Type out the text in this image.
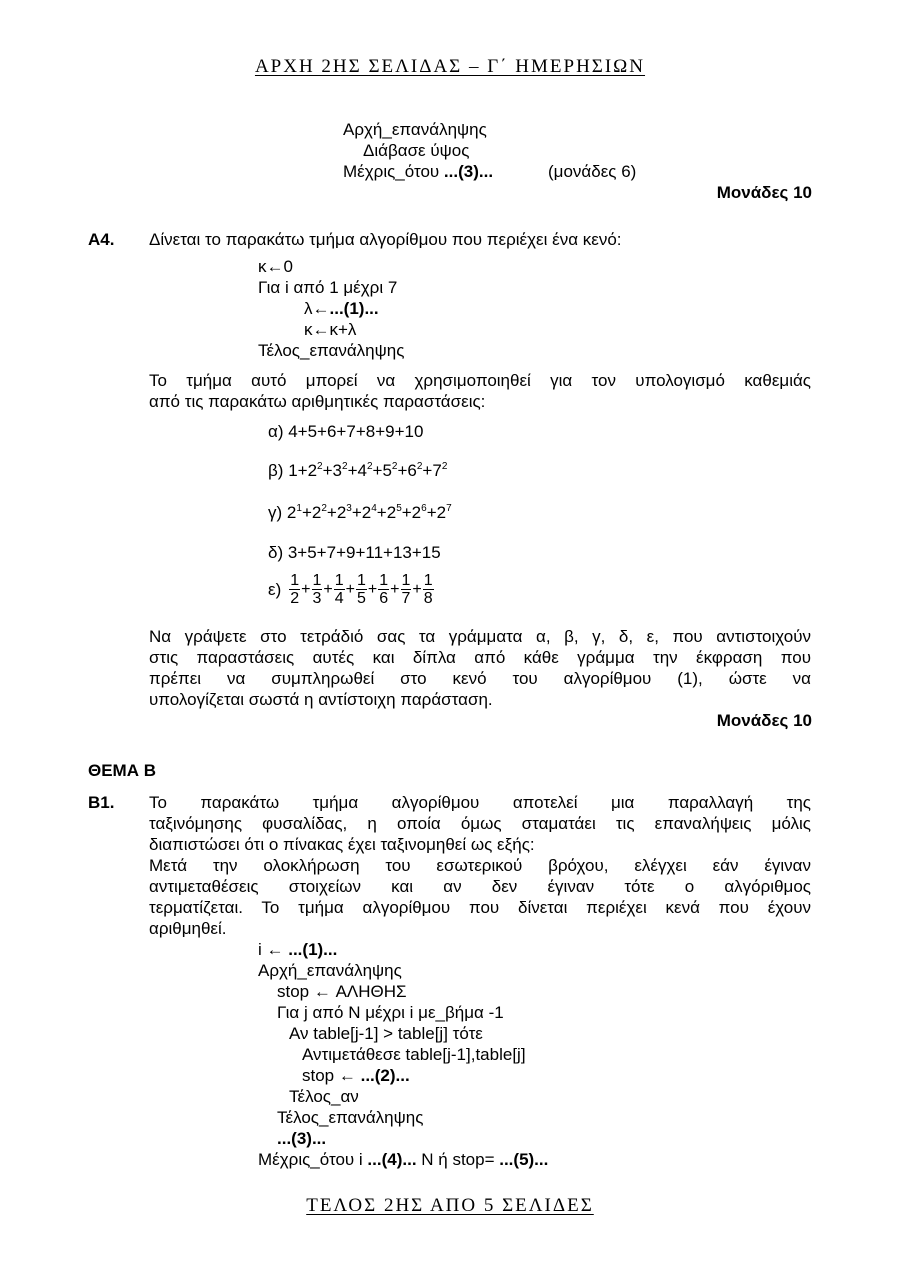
ΑΡΧΗ 2ΗΣ ΣΕΛΙΔΑΣ – Γ΄ ΗΜΕΡΗΣΙΩΝ
Αρχή_επανάληψης
Διάβασε ύψος
Μέχρις_ότου ...(3)...	(μονάδες 6)
Μονάδες 10
Α4. Δίνεται το παρακάτω τμήμα αλγορίθμου που περιέχει ένα κενό:
κ←0
Για i από 1 μέχρι 7
λ←...(1)...
κ←κ+λ
Τέλος_επανάληψης
Το τμήμα αυτό μπορεί να χρησιμοποιηθεί για τον υπολογισμό καθεμιάς
από τις παρακάτω αριθμητικές παραστάσεις:
α) 4+5+6+7+8+9+10
β) $1+2^2+3^2+4^2+5^2+6^2+7^2$
γ) $2^1+2^2+2^3+2^4+2^5+2^6+2^7$
δ) 3+5+7+9+11+13+15
$\varepsilon) \frac{1}{2} + \frac{1}{3} + \frac{1}{4} + \frac{1}{5} + \frac{1}{6} + \frac{1}{7} + \frac{1}{8}$
Να γράψετε στο τετράδιό σας τα γράμματα α, β, γ, δ, ε, που αντιστοιχούν
στις παραστάσεις αυτές και δίπλα από κάθε γράμμα την έκφραση που
πρέπει να συμπληρωθεί στο κενό του αλγορίθμου (1), ώστε να
υπολογίζεται σωστά η αντίστοιχη παράσταση.
Μονάδες 10
ΘΕΜΑ Β
Β1. Το παρακάτω τμήμα αλγορίθμου αποτελεί μια παραλλαγή της
ταξινόμησης φυσαλίδας, η οποία όμως σταματάει τις επαναλήψεις μόλις
διαπιστώσει ότι ο πίνακας έχει ταξινομηθεί ως εξής:
Μετά την ολοκλήρωση του εσωτερικού βρόχου, ελέγχει εάν έγιναν
αντιμεταθέσεις στοιχείων και αν δεν έγιναν τότε ο αλγόριθμος
τερματίζεται. Το τμήμα αλγορίθμου που δίνεται περιέχει κενά που έχουν
αριθμηθεί.
i ← ...(1)...
Αρχή_επανάληψης
stop ← ΑΛΗΘΗΣ
Για j από N μέχρι i με_βήμα -1
Αν table[j-1] > table[j] τότε
Αντιμετάθεσε table[j-1],table[j]
stop ← ...(2)...
Τέλος_αν
Τέλος_επανάληψης
...(3)...
Μέχρις_ότου i ...(4)... N ή stop= ...(5)...
ΤΕΛΟΣ 2ΗΣ ΑΠΟ 5 ΣΕΛΙΔΕΣ
